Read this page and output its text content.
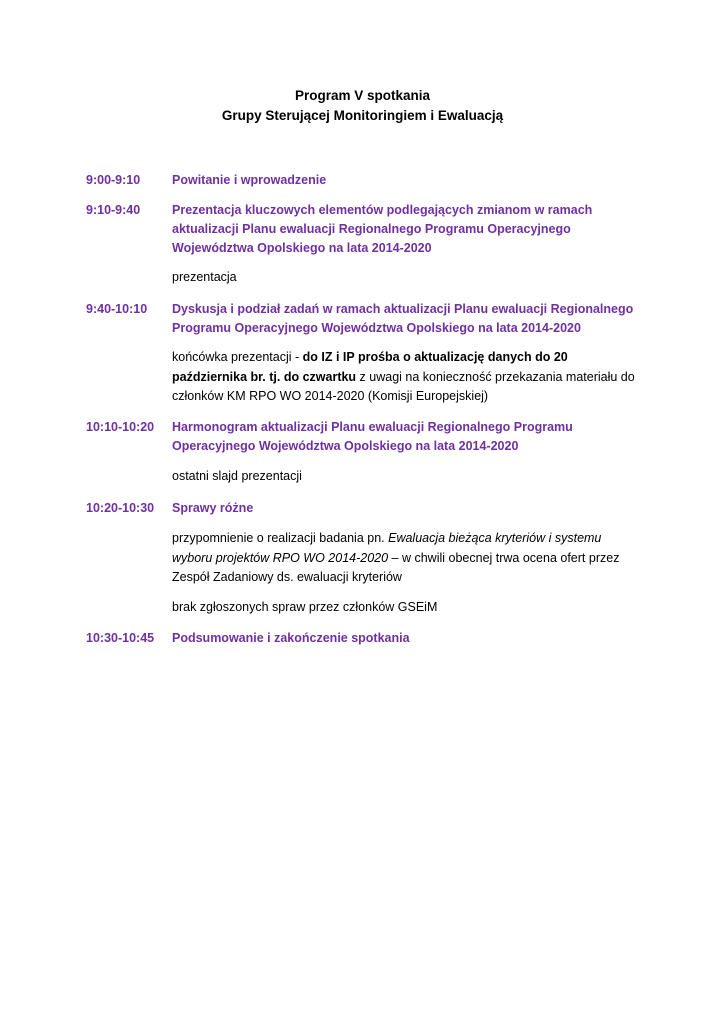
Program V spotkania
Grupy Sterującej Monitoringiem i Ewaluacją
9:00-9:10	Powitanie i wprowadzenie
9:10-9:40	Prezentacja kluczowych elementów podlegających zmianom w ramach aktualizacji Planu ewaluacji Regionalnego Programu Operacyjnego Województwa Opolskiego na lata 2014-2020
prezentacja
9:40-10:10	Dyskusja i podział zadań w ramach aktualizacji Planu ewaluacji Regionalnego Programu Operacyjnego Województwa Opolskiego na lata 2014-2020
końcówka prezentacji - do IZ i IP prośba o aktualizację danych do 20 października br. tj. do czwartku z uwagi na konieczność przekazania materiału do członków KM RPO WO 2014-2020 (Komisji Europejskiej)
10:10-10:20	Harmonogram aktualizacji Planu ewaluacji Regionalnego Programu Operacyjnego Województwa Opolskiego na lata 2014-2020
ostatni slajd prezentacji
10:20-10:30	Sprawy różne
przypomnienie o realizacji badania pn. Ewaluacja bieżąca kryteriów i systemu wyboru projektów RPO WO 2014-2020 – w chwili obecnej trwa ocena ofert przez Zespół Zadaniowy ds. ewaluacji kryteriów
brak zgłoszonych spraw przez członków GSEiM
10:30-10:45	Podsumowanie i zakończenie spotkania
